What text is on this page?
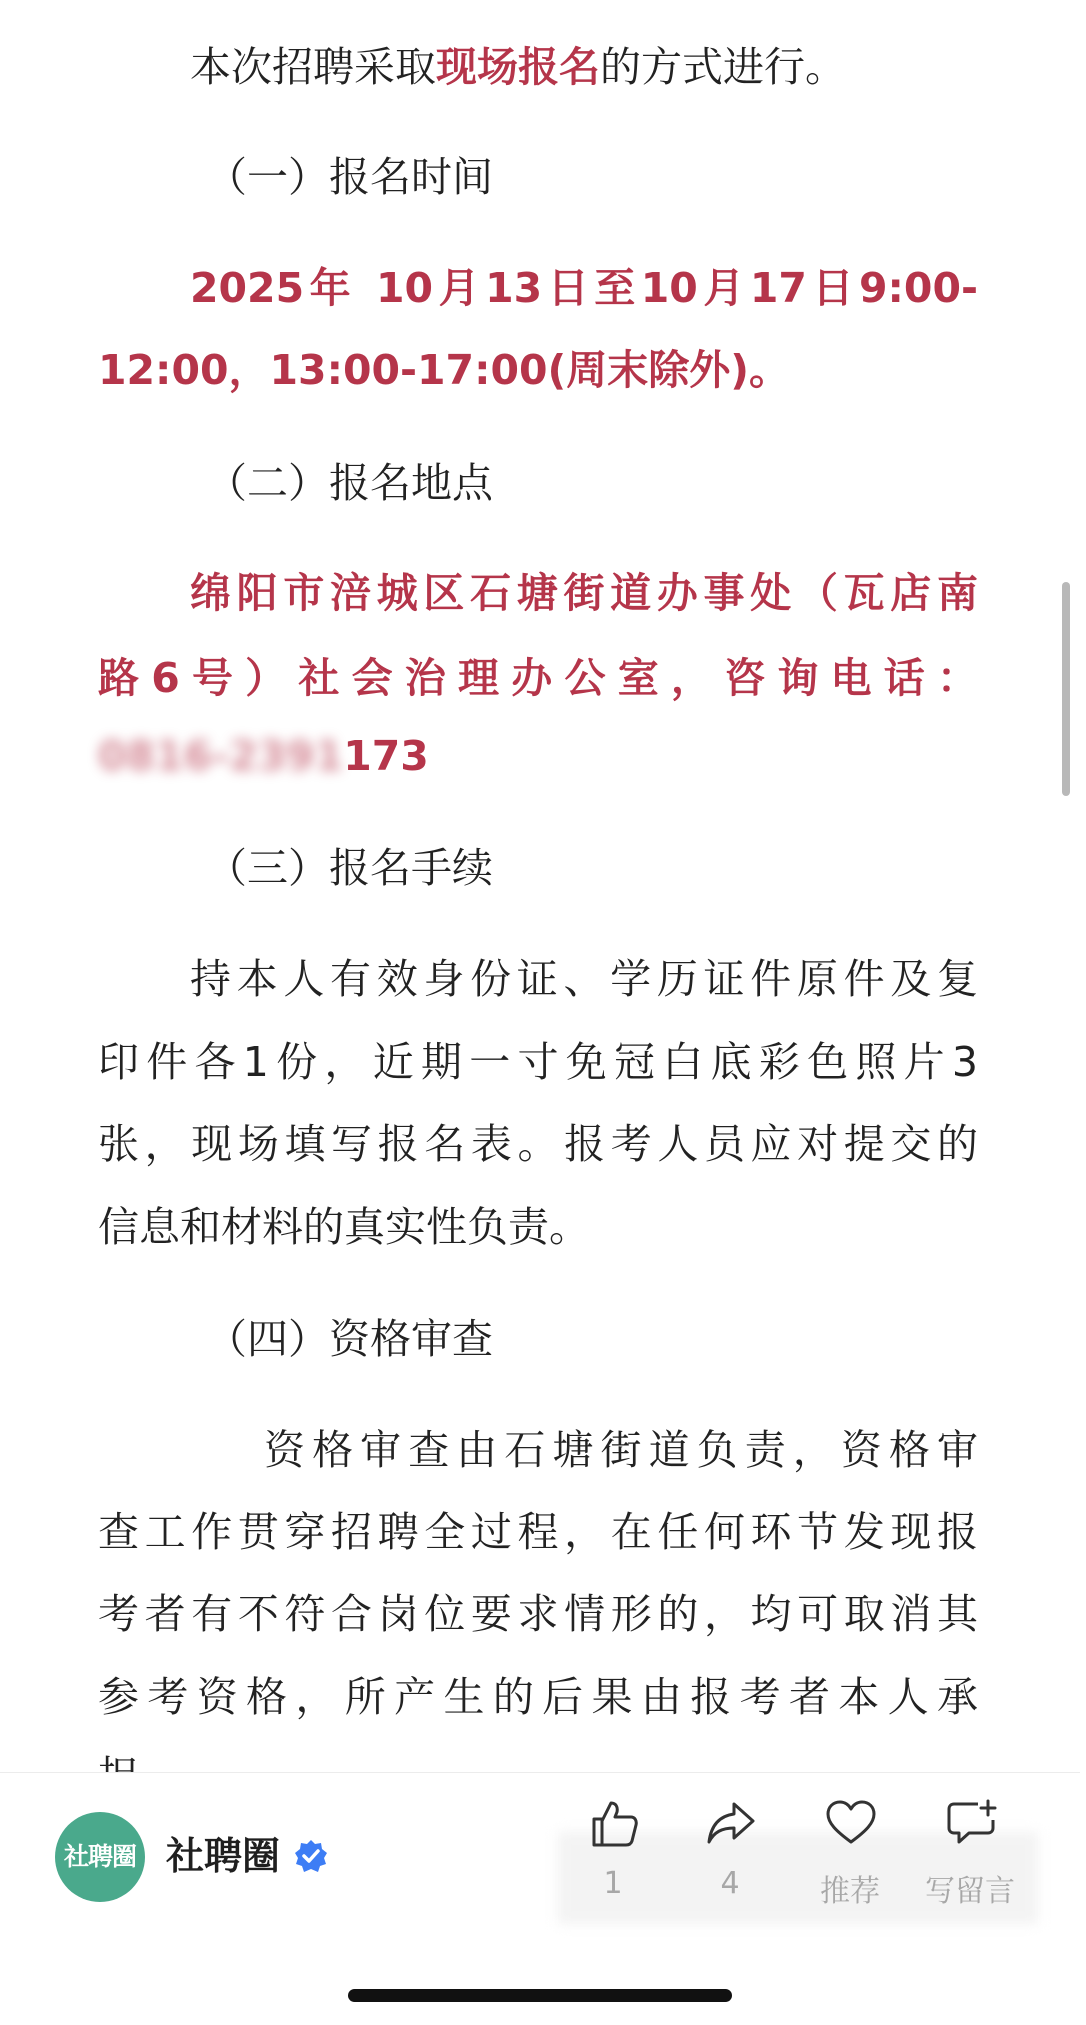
本次招聘采取现场报名的方式进行。
（一）报名时间
2025年 10月13日至10月17日9:00-
12:00，13:00-17:00(周末除外)。
（二）报名地点
绵阳市涪城区石塘街道办事处（瓦店南
路6号）社会治理办公室，咨询电话：
0816-2391173
（三）报名手续
持本人有效身份证、学历证件原件及复
印件各1份，近期一寸免冠白底彩色照片3
张，现场填写报名表。报考人员应对提交的
信息和材料的真实性负责。
（四）资格审查
资格审查由石塘街道负责，资格审
查工作贯穿招聘全过程，在任何环节发现报
考者有不符合岗位要求情形的，均可取消其
参考资格，所产生的后果由报考者本人承
社聘圈 社聘圈
1	4	推荐	写留言
